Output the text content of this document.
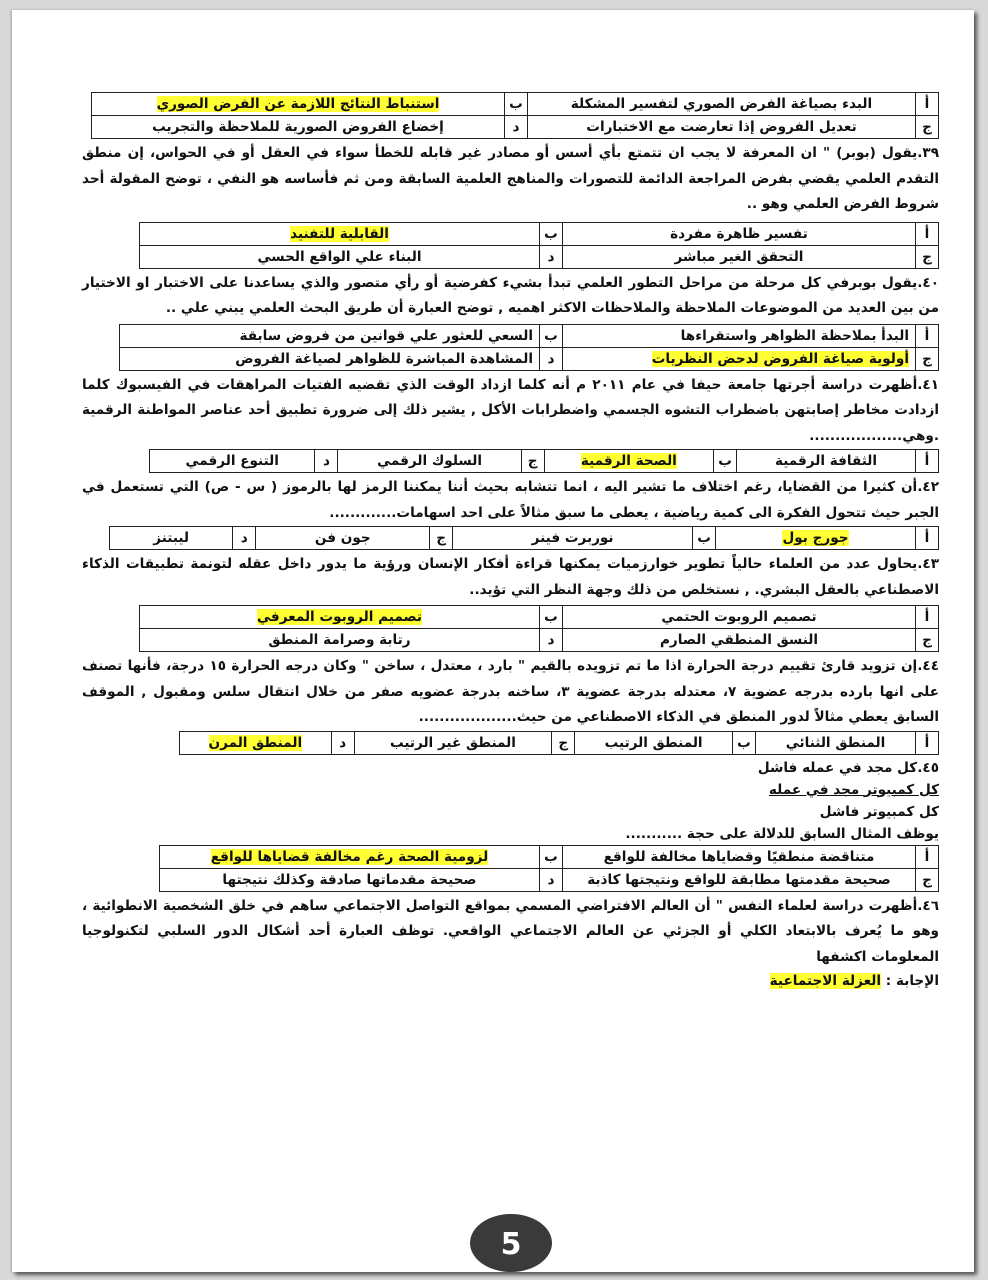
أ	البدء بصياغة الفرض الصوري لتفسير المشكلة	ب	استنباط النتائج اللازمة عن الفرض الصوري
ج	تعديل الفروض إذا تعارضت مع الاختبارات	د	إخضاع الفروض الصورية للملاحظة والتجريب
٣٩.يقول (بوبر) " ان المعرفة لا يجب ان تتمتع بأي أسس أو مصادر غير قابله للخطأ سواء في العقل أو في الحواس، إن منطق التقدم العلمي يقضي بفرض المراجعة الدائمة للتصورات والمناهج العلمية السابقة ومن ثم فأساسه هو النفي ، توضح المقولة أحد شروط الفرض العلمي وهو ..
أ	تفسير ظاهرة مفردة	ب	القابلية للتفنيد
ج	التحقق الغير مباشر	د	البناء علي الواقع الحسي
٤٠.يقول بوبرفي كل مرحلة من مراحل التطور العلمي تبدأ بشيء كفرضية أو رأي متصور والذي يساعدنا على الاختبار او الاختيار من بين العديد من الموضوعات الملاحظة والملاحظات الاكثر اهميه , توضح العبارة أن طريق البحث العلمي يبني علي ..
أ	البدأ بملاحظة الظواهر واستقراءها	ب	السعي للعثور علي قوانين من فروض سابقة
ج	أولوية صياغة الفروض لدحض النظريات	د	المشاهدة المباشرة للظواهر لصياغة الفروض
٤١.أظهرت دراسة أجرتها جامعة حيفا في عام ٢٠١١ م أنه كلما ازداد الوقت الذي تقضيه الفتيات المراهقات في الفيسبوك كلما ازدادت مخاطر إصابتهن باضطراب التشوه الجسمي واضطرابات الأكل , يشير ذلك إلى ضرورة تطبيق أحد عناصر المواطنة الرقمية .وهي..................
أ	الثقافة الرقمية	ب	الصحة الرقمية	ج	السلوك الرقمي	د	التنوع الرقمي
٤٢.أن كثيرا من القضايا، رغم اختلاف ما تشير اليه ، انما تتشابه بحيث أننا يمكننا الرمز لها بالرموز ( س - ص) التي تستعمل في الجبر حيث تتحول الفكرة الى كمية رياضية ، يعطى ما سبق مثالاً على احد اسهامات.............
أ	جورج بول	ب	نوربرت فينر	ج	جون فن	د	ليبتنز
٤٣.يحاول عدد من العلماء حالياً تطوير خوارزميات يمكنها قراءة أفكار الإنسان ورؤية ما يدور داخل عقله لتونمة تطبيقات الذكاء الاصطناعي بالعقل البشري. , نستخلص من ذلك وجهة النظر التي تؤيد..
أ	تصميم الروبوت الحتمي	ب	تصميم الروبوت المعرفي
ج	النسق المنطقي الصارم	د	رتابة وصرامة المنطق
٤٤.إن تزويد قارئ تقييم درجة الحرارة اذا ما تم تزويده بالقيم " بارد ، معتدل ، ساخن " وكان درجه الحرارة ١٥ درجة، فأنها تصنف على انها بارده بدرجه عضوية ٧، معتدله بدرجة عضوية ٣، ساخنه بدرجة عضويه صفر من خلال انتقال سلس ومقبول , الموقف السابق يعطي مثالاً لدور المنطق في الذكاء الاصطناعي من حيث...................
أ	المنطق الثنائي	ب	المنطق الرتيب	ج	المنطق غير الرتيب	د	المنطق المرن
٤٥.كل مجد في عمله فاشل
كل كمبيوتر مجد في عمله
كل كمبيوتر فاشل
يوظف المثال السابق للدلالة على حجة ...........
أ	متناقضة منطقيًا وقضاياها مخالفة للواقع	ب	لزومية الصحة رغم مخالفة قضاياها للواقع
ج	صحيحة مقدمتها مطابقة للواقع ونتيجتها كاذبة	د	صحيحة مقدماتها صادقة وكذلك نتيجتها
٤٦.أظهرت دراسة لعلماء النفس " أن العالم الافتراضي المسمي بمواقع التواصل الاجتماعي ساهم في خلق الشخصية الانطوائية ، وهو ما يُعرف بالابتعاد الكلي أو الجزئي عن العالم الاجتماعي الواقعي. توظف العبارة أحد أشكال الدور السلبي لتكنولوجيا المعلومات اكشفها
الإجابة : العزلة الاجتماعية
5
